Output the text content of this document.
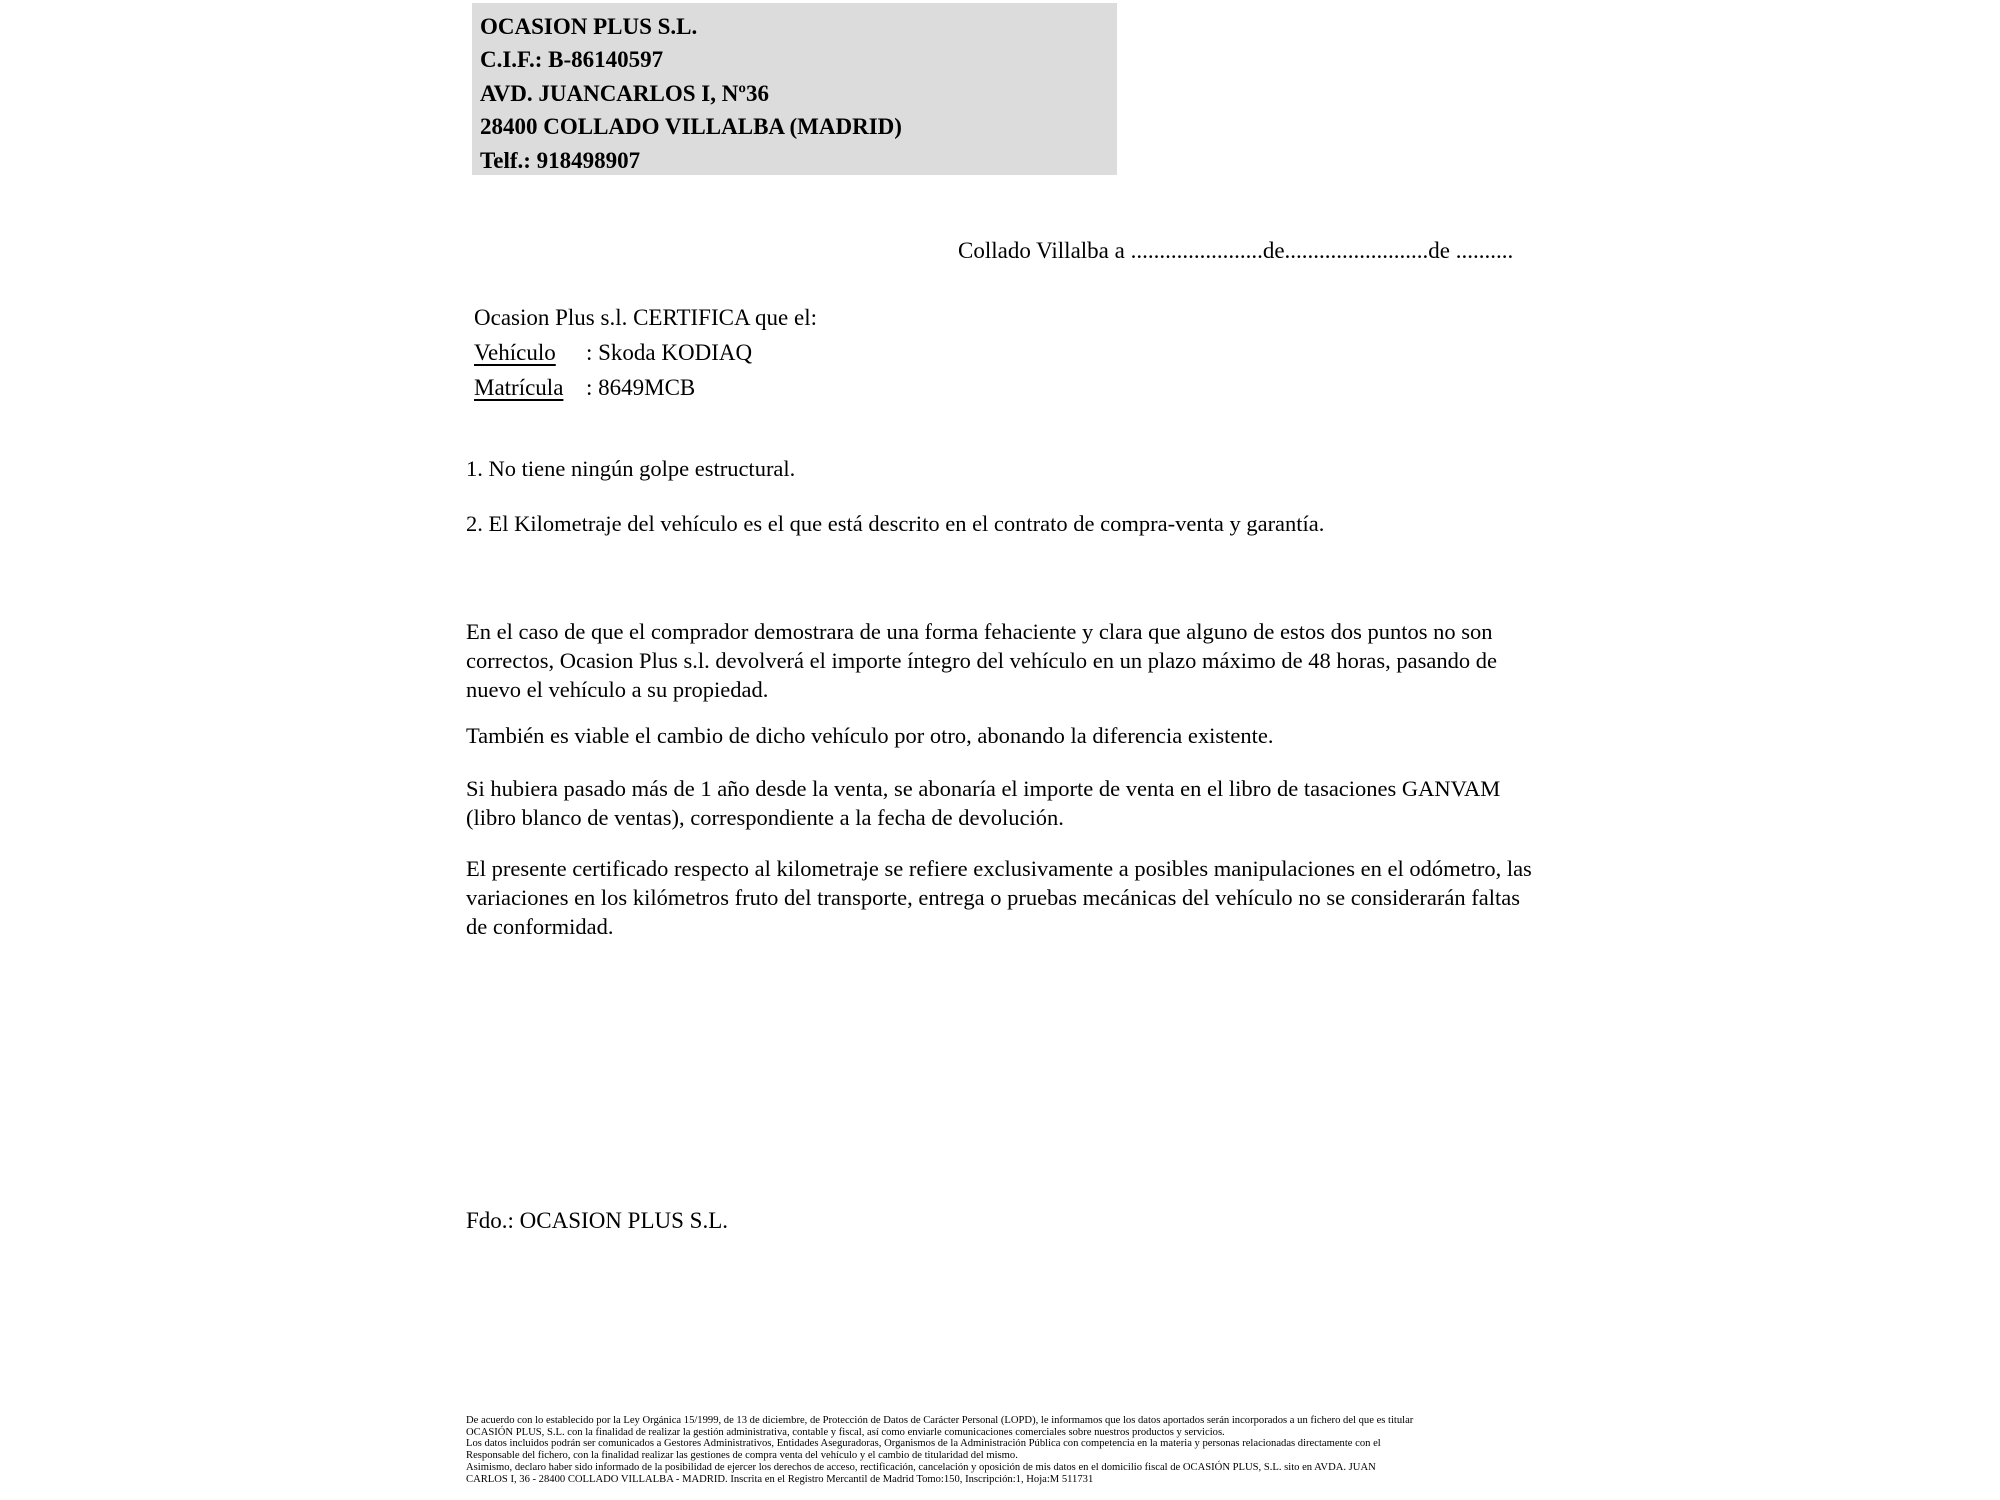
OCASION PLUS S.L.
C.I.F.: B-86140597
AVD. JUANCARLOS I, Nº36
28400 COLLADO VILLALBA (MADRID)
Telf.: 918498907
Collado Villalba a .......................de.........................de ..........
Ocasion Plus s.l. CERTIFICA que el:
Vehículo : Skoda KODIAQ
Matrícula : 8649MCB
1. No tiene ningún golpe estructural.
2. El Kilometraje del vehículo es el que está descrito en el contrato de compra-venta y garantía.
En el caso de que el comprador demostrara de una forma fehaciente y clara que alguno de estos dos puntos no son correctos, Ocasion Plus s.l. devolverá el importe íntegro del vehículo en un plazo máximo de 48 horas, pasando de nuevo el vehículo a su propiedad.
También es viable el cambio de dicho vehículo por otro, abonando la diferencia existente.
Si hubiera pasado más de 1 año desde la venta, se abonaría el importe de venta en el libro de tasaciones GANVAM (libro blanco de ventas), correspondiente a la fecha de devolución.
El presente certificado respecto al kilometraje se refiere exclusivamente a posibles manipulaciones en el odómetro, las variaciones en los kilómetros fruto del transporte, entrega o pruebas mecánicas del vehículo no se considerarán faltas de conformidad.
Fdo.: OCASION PLUS S.L.
De acuerdo con lo establecido por la Ley Orgánica 15/1999, de 13 de diciembre, de Protección de Datos de Carácter Personal (LOPD), le informamos que los datos aportados serán incorporados a un fichero del que es titular
OCASIÓN PLUS, S.L. con la finalidad de realizar la gestión administrativa, contable y fiscal, así como enviarle comunicaciones comerciales sobre nuestros productos y servicios.
Los datos incluidos podrán ser comunicados a Gestores Administrativos, Entidades Aseguradoras, Organismos de la Administración Pública con competencia en la materia y personas relacionadas directamente con el
Responsable del fichero, con la finalidad realizar las gestiones de compra venta del vehículo y el cambio de titularidad del mismo.
Asimismo, declaro haber sido informado de la posibilidad de ejercer los derechos de acceso, rectificación, cancelación y oposición de mis datos en el domicilio fiscal de OCASIÓN PLUS, S.L. sito en AVDA. JUAN
CARLOS I, 36 - 28400 COLLADO VILLALBA - MADRID. Inscrita en el Registro Mercantil de Madrid Tomo:150, Inscripción:1, Hoja:M 511731
